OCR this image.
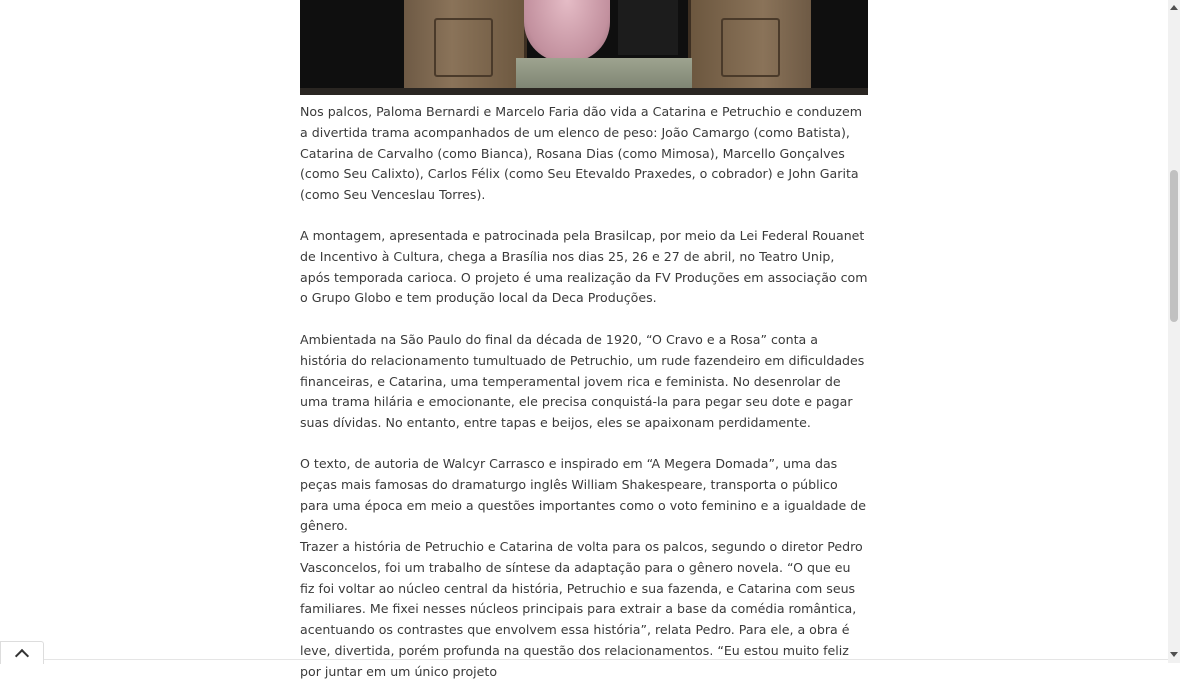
Nos palcos, Paloma Bernardi e Marcelo Faria dão vida a Catarina e Petruchio e conduzem a divertida trama acompanhados de um elenco de peso: João Camargo (como Batista), Catarina de Carvalho (como Bianca), Rosana Dias (como Mimosa), Marcello Gonçalves (como Seu Calixto), Carlos Félix (como Seu Etevaldo Praxedes, o cobrador) e John Garita (como Seu Venceslau Torres).

A montagem, apresentada e patrocinada pela Brasilcap, por meio da Lei Federal Rouanet de Incentivo à Cultura, chega a Brasília nos dias 25, 26 e 27 de abril, no Teatro Unip, após temporada carioca. O projeto é uma realização da FV Produções em associação com o Grupo Globo e tem produção local da Deca Produções.

Ambientada na São Paulo do final da década de 1920, “O Cravo e a Rosa” conta a história do relacionamento tumultuado de Petruchio, um rude fazendeiro em dificuldades financeiras, e Catarina, uma temperamental jovem rica e feminista. No desenrolar de uma trama hilária e emocionante, ele precisa conquistá-la para pegar seu dote e pagar suas dívidas. No entanto, entre tapas e beijos, eles se apaixonam perdidamente.

O texto, de autoria de Walcyr Carrasco e inspirado em “A Megera Domada”, uma das peças mais famosas do dramaturgo inglês William Shakespeare, transporta o público para uma época em meio a questões importantes como o voto feminino e a igualdade de gênero.

Trazer a história de Petruchio e Catarina de volta para os palcos, segundo o diretor Pedro Vasconcelos, foi um trabalho de síntese da adaptação para o gênero novela. “O que eu fiz foi voltar ao núcleo central da história, Petruchio e sua fazenda, e Catarina com seus familiares. Me fixei nesses núcleos principais para extrair a base da comédia romântica, acentuando os contrastes que envolvem essa história”, relata Pedro. Para ele, a obra é leve, divertida, porém profunda na questão dos relacionamentos. “Eu estou muito feliz por juntar em um único projeto
